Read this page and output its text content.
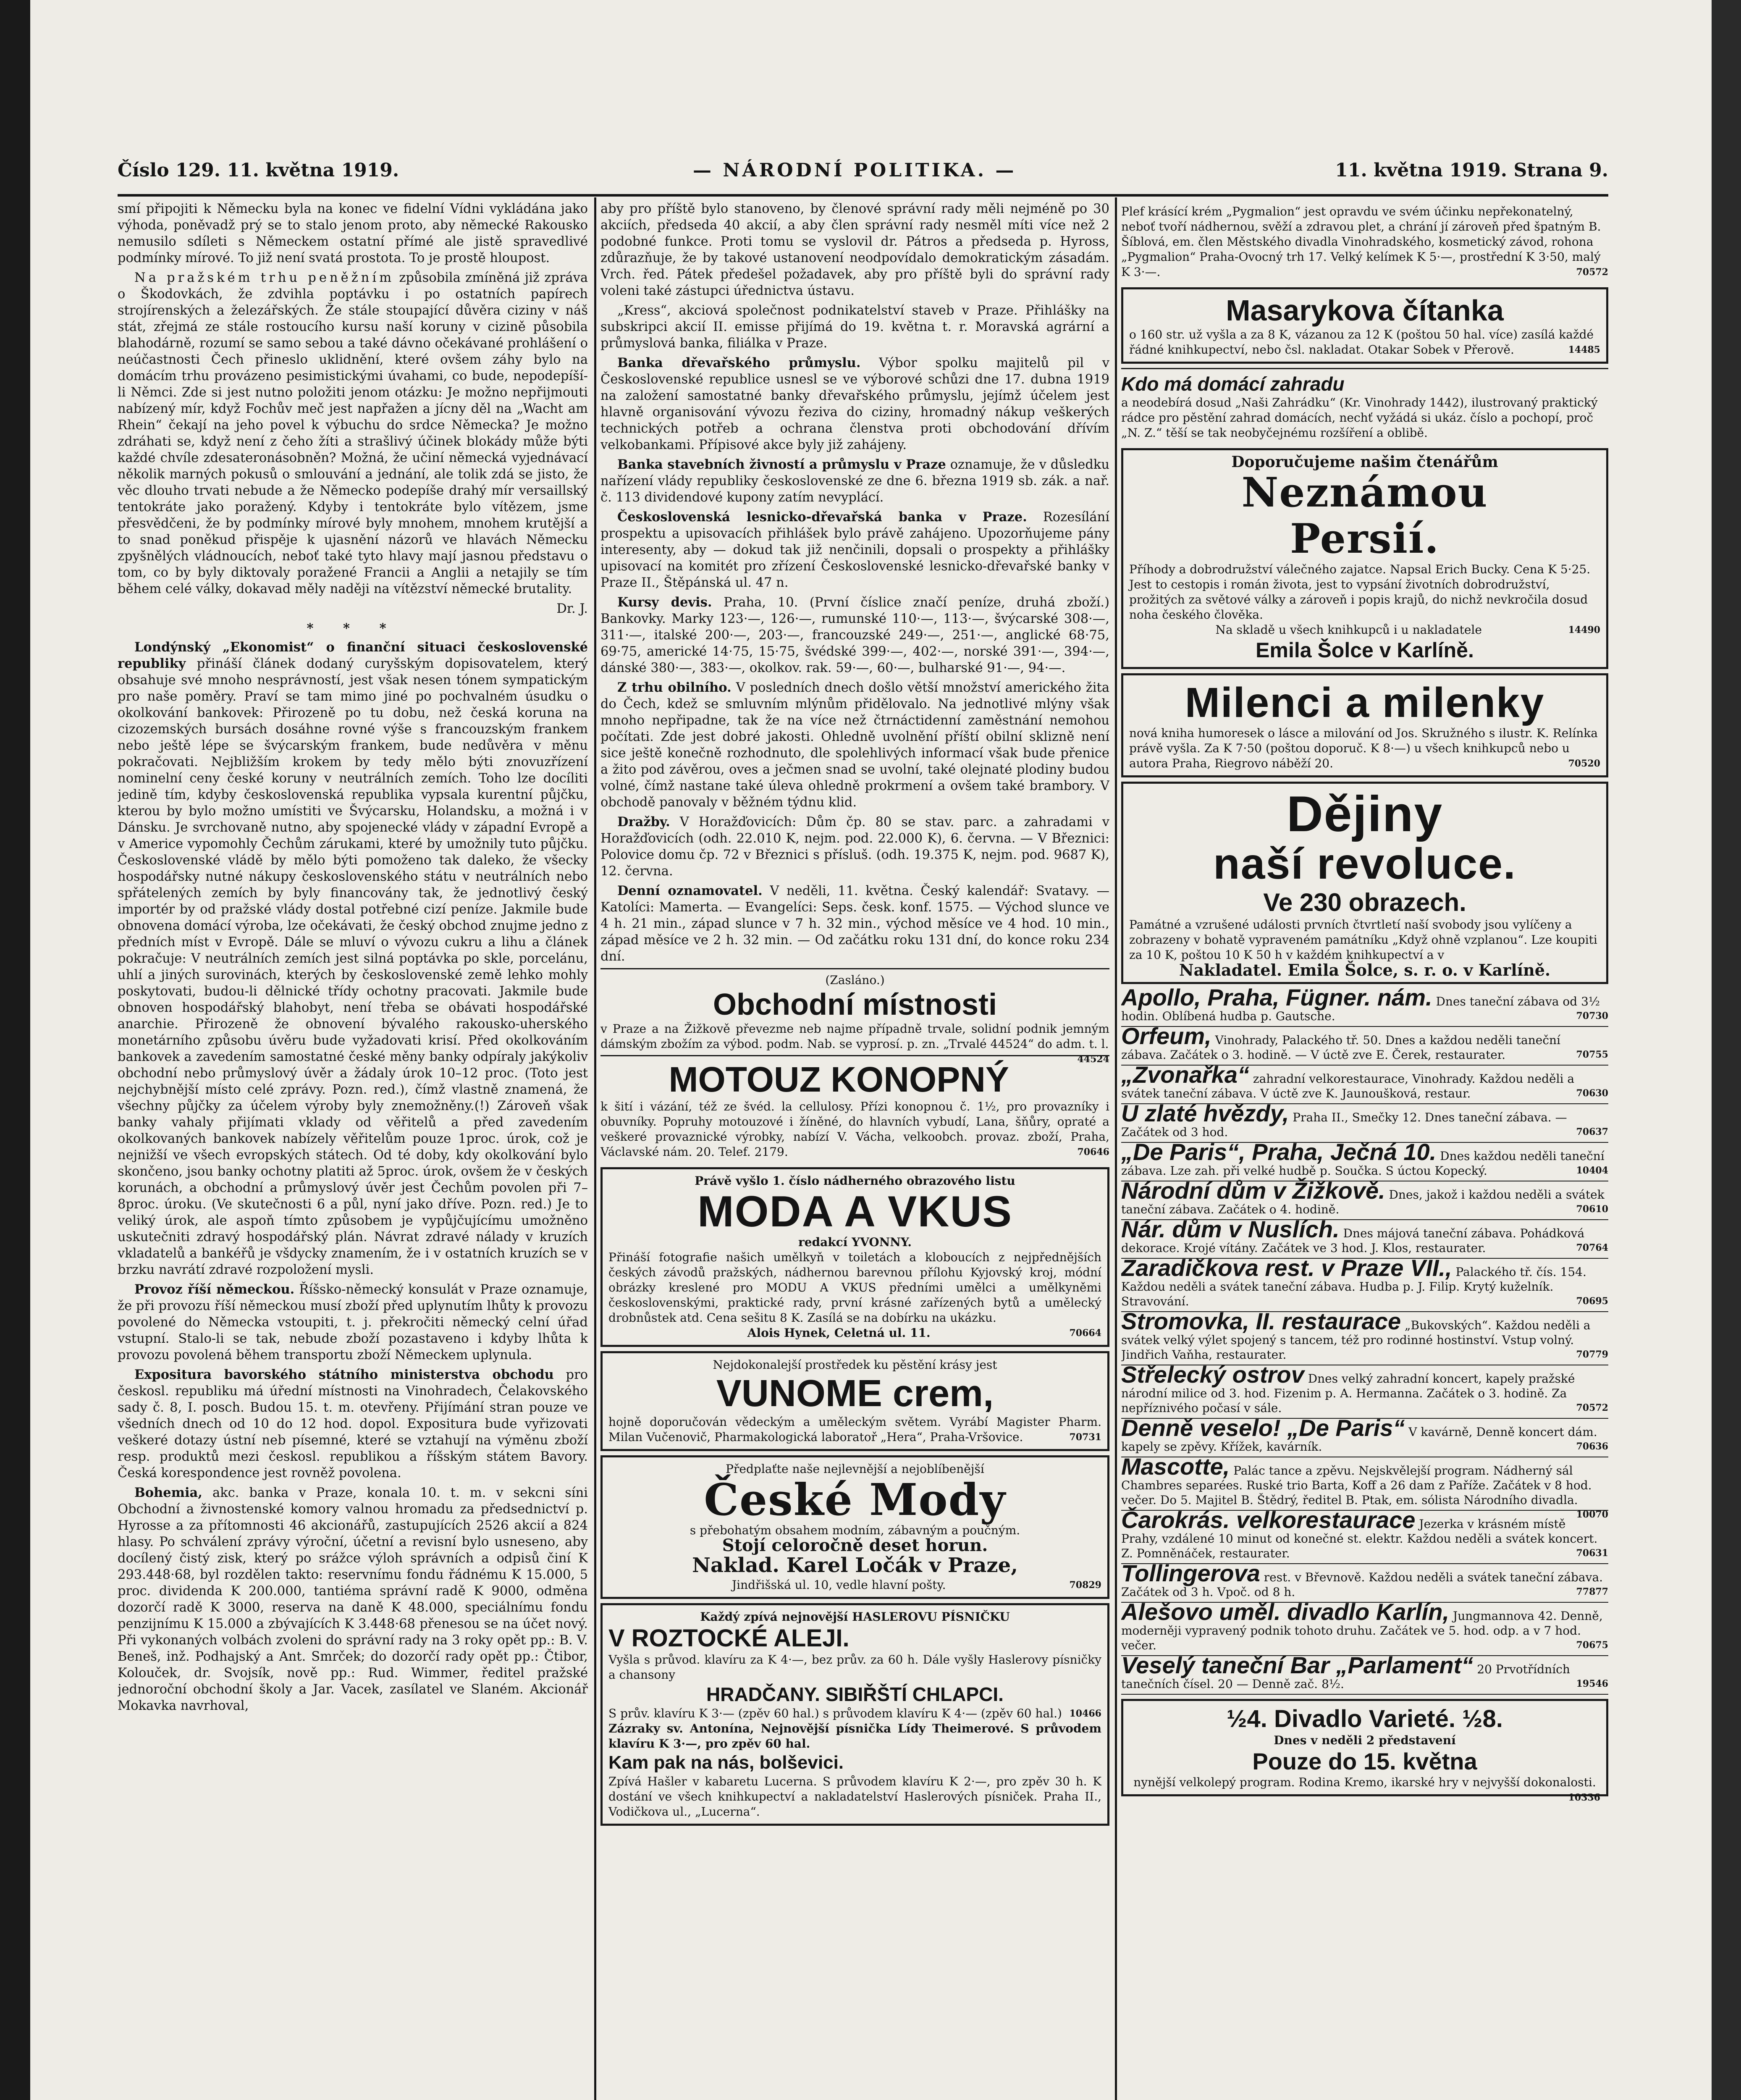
Číslo 129. 11. května 1919.	— NÁRODNÍ POLITIKA. —	11. května 1919. Strana 9.

smí připojiti k Německu byla na konec ve fidelní Vídni vykládána jako výhoda, poněvadž prý se to stalo jenom proto, aby německé Rakousko nemusilo sdíleti s Německem ostatní přímé ale jistě spravedlivé podmínky mírové. To již není svatá prostota. To je prostě hloupost.

Na pražském trhu peněžním způsobila zmíněná již zpráva o Škodovkách, že zdvihla poptávku i po ostatních papírech strojírenských a železářských. Že stále stoupající důvěra ciziny v náš stát, zřejmá ze stále rostoucího kursu naší koruny v cizině působila blahodárně, rozumí se samo sebou a také dávno očekávané prohlášení o neúčastnosti Čech přineslo uklidnění, které ovšem záhy bylo na domácím trhu provázeno pesimistickými úvahami, co bude, nepodepíší-li Němci. Zde si jest nutno položiti jenom otázku: Je možno nepřijmouti nabízený mír, když Fochův meč jest napřažen a jícny děl na „Wacht am Rhein“ čekají na jeho povel k výbuchu do srdce Německa? Je možno zdráhati se, když není z čeho žíti a strašlivý účinek blokády může býti každé chvíle zdesateronásobněn? Možná, že učiní německá vyjednávací několik marných pokusů o smlouvání a jednání, ale tolik zdá se jisto, že věc dlouho trvati nebude a že Německo podepíše drahý mír versaillský tentokráte jako poražený. Kdyby i tentokráte bylo vítězem, jsme přesvědčeni, že by podmínky mírové byly mnohem, mnohem krutější a to snad poněkud přispěje k ujasnění názorů ve hlavách Německu zpyšnělých vládnoucích, neboť také tyto hlavy mají jasnou představu o tom, co by byly diktovaly poražené Francii a Anglii a netajily se tím během celé války, dokavad měly naději na vítězství německé brutality.

Dr. J.

* * *

Londýnský „Ekonomist“ o finanční situaci československé republiky přináší článek dodaný curyšským dopisovatelem, který obsahuje své mnoho nesprávností, jest však nesen tónem sympatickým pro naše poměry. Praví se tam mimo jiné po pochvalném úsudku o okolkování bankovek: Přirozeně po tu dobu, než česká koruna na cizozemských bursách dosáhne rovné výše s francouzským frankem nebo ještě lépe se švýcarským frankem, bude nedůvěra v měnu pokračovati. Nejbližším krokem by tedy mělo býti znovuzřízení nominelní ceny české koruny v neutrálních zemích. Toho lze docíliti jedině tím, kdyby československá republika vypsala kurentní půjčku, kterou by bylo možno umístiti ve Švýcarsku, Holandsku, a možná i v Dánsku. Je svrchovaně nutno, aby spojenecké vlády v západní Evropě a v Americe vypomohly Čechům zárukami, které by umožnily tuto půjčku. Československé vládě by mělo býti pomoženo tak daleko, že všecky hospodářsky nutné nákupy československého státu v neutrálních nebo spřátelených zemích by byly financovány tak, že jednotlivý český importér by od pražské vlády dostal potřebné cizí peníze. Jakmile bude obnovena domácí výroba, lze očekávati, že český obchod znujme jedno z předních míst v Evropě. Dále se mluví o vývozu cukru a lihu a článek pokračuje: V neutrálních zemích jest silná poptávka po skle, porcelánu, uhlí a jiných surovinách, kterých by československé země lehko mohly poskytovati, budou-li dělnické třídy ochotny pracovati. Jakmile bude obnoven hospodářský blahobyt, není třeba se obávati hospodářské anarchie. Přirozeně že obnovení bývalého rakousko-uherského monetárního způsobu úvěru bude vyžadovati krisí. Před okolkováním bankovek a zavedením samostatné české měny banky odpíraly jakýkoliv obchodní nebo průmyslový úvěr a žádaly úrok 10–12 proc. (Toto jest nejchybnější místo celé zprávy. Pozn. red.), čímž vlastně znamená, že všechny půjčky za účelem výroby byly znemožněny.(!) Zároveň však banky vahaly přijímati vklady od věřitelů a před zavedením okolkovaných bankovek nabízely věřitelům pouze 1proc. úrok, což je nejnižší ve všech evropských státech. Od té doby, kdy okolkování bylo skončeno, jsou banky ochotny platiti až 5proc. úrok, ovšem že v českých korunách, a obchodní a průmyslový úvěr jest Čechům povolen při 7–8proc. úroku. (Ve skutečnosti 6 a půl, nyní jako dříve. Pozn. red.) Je to veliký úrok, ale aspoň tímto způsobem je vypůjčujícímu umožněno uskutečniti zdravý hospodářský plán. Návrat zdravé nálady v kruzích vkladatelů a bankéřů je všdycky znamením, že i v ostatních kruzích se v brzku navrátí zdravé rozpoložení mysli.

Provoz říší německou. Říšsko-německý konsulát v Praze oznamuje, že při provozu říší německou musí zboží před uplynutím lhůty k provozu povolené do Německa vstoupiti, t. j. překročiti německý celní úřad vstupní. Stalo-li se tak, nebude zboží pozastaveno i kdyby lhůta k provozu povolená během transportu zboží Německem uplynula.

Expositura bavorského státního ministerstva obchodu pro českosl. republiku má úřední místnosti na Vinohradech, Čelakovského sady č. 8, I. posch. Budou 15. t. m. otevřeny. Přijímání stran pouze ve všedních dnech od 10 do 12 hod. dopol. Expositura bude vyřizovati veškeré dotazy ústní neb písemné, které se vztahují na výměnu zboží resp. produktů mezi českosl. republikou a říšským státem Bavory. Česká korespondence jest rovněž povolena.

Bohemia, akc. banka v Praze, konala 10. t. m. v sekcni síni Obchodní a živnostenské komory valnou hromadu za předsednictví p. Hyrosse a za přítomnosti 46 akcionářů, zastupujících 2526 akcií a 824 hlasy. Po schválení zprávy výroční, účetní a revisní bylo usneseno, aby docílený čistý zisk, který po srážce výloh správních a odpisů činí K 293.448·68, byl rozdělen takto: reservnímu fondu řádnému K 15.000, 5 proc. dividenda K 200.000, tantiéma správní radě K 9000, odměna dozorčí radě K 3000, reserva na daně K 48.000, speciálnímu fondu penzijnímu K 15.000 a zbývajících K 3.448·68 přenesou se na účet nový. Při vykonaných volbách zvoleni do správní rady na 3 roky opět pp.: B. V. Beneš, inž. Podhajský a Ant. Smrček; do dozorčí rady opět pp.: Čtibor, Kolouček, dr. Svojsík, nově pp.: Rud. Wimmer, ředitel pražské jednoroční obchodní školy a Jar. Vacek, zasílatel ve Slaném. Akcionář Mokavka navrhoval,

aby pro příště bylo stanoveno, by členové správní rady měli nejméně po 30 akciích, předseda 40 akcií, a aby člen správní rady nesměl míti více než 2 podobné funkce. Proti tomu se vyslovil dr. Pátros a předseda p. Hyross, zdůrazňuje, že by takové ustanovení neodpovídalo demokratickým zásadám. Vrch. řed. Pátek předešel požadavek, aby pro příště byli do správní rady voleni také zástupci úřednictva ústavu.

„Kress“, akciová společnost podnikatelství staveb v Praze. Přihlášky na subskripci akcií II. emisse přijímá do 19. května t. r. Moravská agrární a průmyslová banka, filiálka v Praze.

Banka dřevařského průmyslu. Výbor spolku majitelů pil v Československé republice usnesl se ve výborové schůzi dne 17. dubna 1919 na založení samostatné banky dřevařského průmyslu, jejímž účelem jest hlavně organisování vývozu řeziva do ciziny, hromadný nákup veškerých technických potřeb a ochrana členstva proti obchodování dřívím velkobankami. Přípisové akce byly již zahájeny.

Banka stavebních živností a průmyslu v Praze oznamuje, že v důsledku nařízení vlády republiky československé ze dne 6. března 1919 sb. zák. a nař. č. 113 dividendové kupony zatím nevyplácí.

Československá lesnicko-dřevařská banka v Praze. Rozesílání prospektu a upisovacích přihlášek bylo právě zahájeno. Upozorňujeme pány interesenty, aby — dokud tak již nenčinili, dopsali o prospekty a přihlášky upisovací na komitét pro zřízení Československé lesnicko-dřevařské banky v Praze II., Štěpánská ul. 47 n.

Kursy devis. Praha, 10. (První číslice značí peníze, druhá zboží.) Bankovky. Marky 123·—, 126·—, rumunské 110·—, 113·—, švýcarské 308·—, 311·—, italské 200·—, 203·—, francouzské 249·—, 251·—, anglické 68·75, 69·75, americké 14·75, 15·75, švédské 399·—, 402·—, norské 391·—, 394·—, dánské 380·—, 383·—, okolkov. rak. 59·—, 60·—, bulharské 91·—, 94·—.

Z trhu obilního. V posledních dnech došlo větší množství amerického žita do Čech, kdež se smluvním mlýnům přidělovalo. Na jednotlivé mlýny však mnoho nepřipadne, tak že na více než čtrnáctidenní zaměstnání nemohou počítati. Zde jest dobré jakosti. Ohledně uvolnění příští obilní sklizně není sice ještě konečně rozhodnuto, dle spolehlivých informací však bude přenice a žito pod závěrou, oves a ječmen snad se uvolní, také olejnaté plodiny budou volné, čímž nastane také úleva ohledně prokrmení a ovšem také brambory. V obchodě panovaly v běžném týdnu klid.

Dražby. V Horažďovicích: Dům čp. 80 se stav. parc. a zahradami v Horažďovicích (odh. 22.010 K, nejm. pod. 22.000 K), 6. června. — V Březnici: Polovice domu čp. 72 v Březnici s přísluš. (odh. 19.375 K, nejm. pod. 9687 K), 12. června.

Denní oznamovatel. V neděli, 11. května. Český kalendář: Svatavy. — Katolíci: Mamerta. — Evangelíci: Seps. česk. konf. 1575. — Východ slunce ve 4 h. 21 min., západ slunce v 7 h. 32 min., východ měsíce ve 4 hod. 10 min., západ měsíce ve 2 h. 32 min. — Od začátku roku 131 dní, do konce roku 234 dní.

(Zasláno.)
Obchodní místnosti
v Praze a na Žižkově převezme neb najme případně trvale, solidní podnik jemným dámským zbožím za výbod. podm. Nab. se vyprosí. p. zn. „Trvalé 44524“ do adm. t. l.
44524
MOTOUZ KONOPNÝ
k šití i vázání, též ze švéd. la cellulosy. Přízi konopnou č. 1½, pro provazníky i obuvníky. Popruhy motouzové i žíněné, do hlavních vybudí, Lana, šňůry, opraté a veškeré provaznické výrobky, nabízí V. Vácha, velkoobch. provaz. zboží, Praha, Václavské nám. 20. Telef. 2179.	70646
Právě vyšlo 1. číslo nádherného obrazového listu
MODA A VKUS
redakcí YVONNY.
Přináší fotografie našich umělkyň v toiletách a kloboucích z nejpřednějších českých závodů pražských, nádhernou barevnou přílohu Kyjovský kroj, módní obrázky kreslené pro MODU A VKUS předními umělci a umělkyněmi československými, praktické rady, první krásné zařízených bytů a umělecký drobnůstek atd. Cena sešitu 8 K. Zasílá se na dobírku na ukázku.
Alois Hynek, Celetná ul. 11.	70664
Nejdokonalejší prostředek ku pěstění krásy jest
VUNOME crem,
hojně doporučován vědeckým a uměleckým světem. Vyrábí Magister Pharm. Milan Vučenovič, Pharmakologická laboratoř „Hera“, Praha-Vršovice.	70731
Předplaťte naše nejlevnější a nejoblíbenější
České Mody
s přebohatým obsahem modním, zábavným a poučným.
Stojí celoročně deset horun.
Naklad. Karel Ločák v Praze,
Jindřišská ul. 10, vedle hlavní pošty.	70829
Každý zpívá nejnovější HASLEROVU PÍSNIČKU
V ROZTOCKÉ ALEJI.
Vyšla s průvod. klavíru za K 4·—, bez prův. za 60 h. Dále vyšly Haslerovy písničky a chansony
HRADČANY. SIBIŘŠTÍ CHLAPCI.
S prův. klavíru K 3·— (zpěv 60 hal.) s průvodem klavíru K 4·— (zpěv 60 hal.) 10466
Zázraky sv. Antonína, Nejnovější písnička Lídy Theimerové. S průvodem klavíru K 3·—, pro zpěv 60 hal.
Kam pak na nás, bolševici.
Zpívá Hašler v kabaretu Lucerna. S průvodem klavíru K 2·—, pro zpěv 30 h. K dostání ve všech knihkupectví a nakladatelství Haslerových písniček. Praha II., Vodičkova ul., „Lucerna“.
Plef krásící krém „Pygmalion“ jest opravdu ve svém účinku nepřekonatelný, neboť tvoří nádhernou, svěží a zdravou plet, a chrání jí zároveň před špatným B. Šíblová, em. člen Městského divadla Vinohradského, kosmetický závod, rohona „Pygmalion“ Praha-Ovocný trh 17. Velký kelímek K 5·—, prostřední K 3·50, malý K 3·—.	70572
Masarykova čítanka
o 160 str. už vyšla a za 8 K, vázanou za 12 K (poštou 50 hal. více) zasílá každé řádné knihkupectví, nebo čsl. nakladat. Otakar Sobek v Přerově.	14485
Kdo má domácí zahradu
a neodebírá dosud „Naši Zahrádku“ (Kr. Vinohrady 1442), ilustrovaný praktický rádce pro pěstění zahrad domácích, nechť vyžádá si ukáz. číslo a pochopí, proč „N. Z.“ těší se tak neobyčejnému rozšíření a oblibě.
Doporučujeme našim čtenářům
Neznámou
Persií.
Příhody a dobrodružství válečného zajatce. Napsal Erich Bucky. Cena K 5·25. Jest to cestopis i román života, jest to vypsání životních dobrodružství, prožitých za světové války a zároveň i popis krajů, do nichž nevkročila dosud noha českého člověka.
Na skladě u všech knihkupců i u nakladatele	14490
Emila Šolce v Karlíně.
Milenci a milenky
nová kniha humoresek o lásce a milování od Jos. Skružného s ilustr. K. Relínka právě vyšla. Za K 7·50 (poštou doporuč. K 8·—) u všech knihkupců nebo u autora Praha, Riegrovo náběží 20.	70520
Dějiny
naší revoluce.
Ve 230 obrazech.
Památné a vzrušené události prvních čtvrtletí naší svobody jsou vylíčeny a zobrazeny v bohatě vypraveném památníku „Když ohně vzplanou“. Lze koupiti za 10 K, poštou 10 K 50 h v každém knihkupectví a v
Nakladatel. Emila Šolce, s. r. o. v Karlíně.
Apollo, Praha, Fügner. nám. Dnes taneční zábava od 3½ hodin. Oblíbená hudba p. Gautsche.	70730
Orfeum, Vinohrady, Palackého tř. 50. Dnes a každou neděli taneční zábava. Začátek o 3. hodině. — V úctě zve E. Čerek, restaurater.	70755
„Zvonařka“ zahradní velkorestaurace, Vinohrady. Každou neděli a svátek taneční zábava. V úctě zve K. Jaunoušková, restaur.	70630
U zlaté hvězdy, Praha II., Smečky 12. Dnes taneční zábava. — Začátek od 3 hod.	70637
„De Paris“, Praha, Ječná 10. Dnes každou neděli taneční zábava. Lze zah. při velké hudbě p. Součka. S úctou Kopecký.	10404
Národní dům v Žižkově. Dnes, jakož i každou neděli a svátek taneční zábava. Začátek o 4. hodině.	70610
Nár. dům v Nuslích. Dnes májová taneční zábava. Pohádková dekorace. Krojé vítány. Začátek ve 3 hod. J. Klos, restaurater.	70764
Zaradičkova rest. v Praze VII., Palackého tř. čís. 154. Každou neděli a svátek taneční zábava. Hudba p. J. Filip. Krytý kuželník. Stravování.	70695
Stromovka, II. restaurace „Bukovských“. Každou neděli a svátek velký výlet spojený s tancem, též pro rodinné hostinství. Vstup volný. Jindřich Vaňha, restaurater.	70779
Střelecký ostrov Dnes velký zahradní koncert, kapely pražské národní milice od 3. hod. Fizenim p. A. Hermanna. Začátek o 3. hodině. Za nepříznivého počasí v sále.	70572
Denně veselo! „De Paris“ V kavárně, Denně koncert dám. kapely se zpěvy. Křížek, kavárník.	70636
Mascotte, Palác tance a zpěvu. Nejskvělejší program. Nádherný sál Chambres separées. Ruské trio Barta, Koff a 26 dam z Paříže. Začátek v 8 hod. večer. Do 5. Majitel B. Štědrý, ředitel B. Ptak, em. sólista Národního divadla.
10070
Čarokrás. velkorestaurace Jezerka v krásném místě Prahy, vzdálené 10 minut od konečné st. elektr. Každou neděli a svátek koncert. Z. Pomněnáček, restaurater.	70631
Tollingerova rest. v Břevnově. Každou neděli a svátek taneční zábava. Začátek od 3 h. Vpoč. od 8 h.	77877
Alešovo uměl. divadlo Karlín, Jungmannova 42. Denně, moderněji vypravený podnik tohoto druhu. Začátek ve 5. hod. odp. a v 7 hod. večer.	70675
Veselý taneční Bar „Parlament“ 20 Prvotřídních tanečních čísel. 20 — Denně zač. 8½.	19546
½4. Divadlo Varieté. ½8.
Dnes v neděli 2 představení
Pouze do 15. května
nynější velkolepý program. Rodina Kremo, ikarské hry v nejvyšší dokonalosti.
10336
